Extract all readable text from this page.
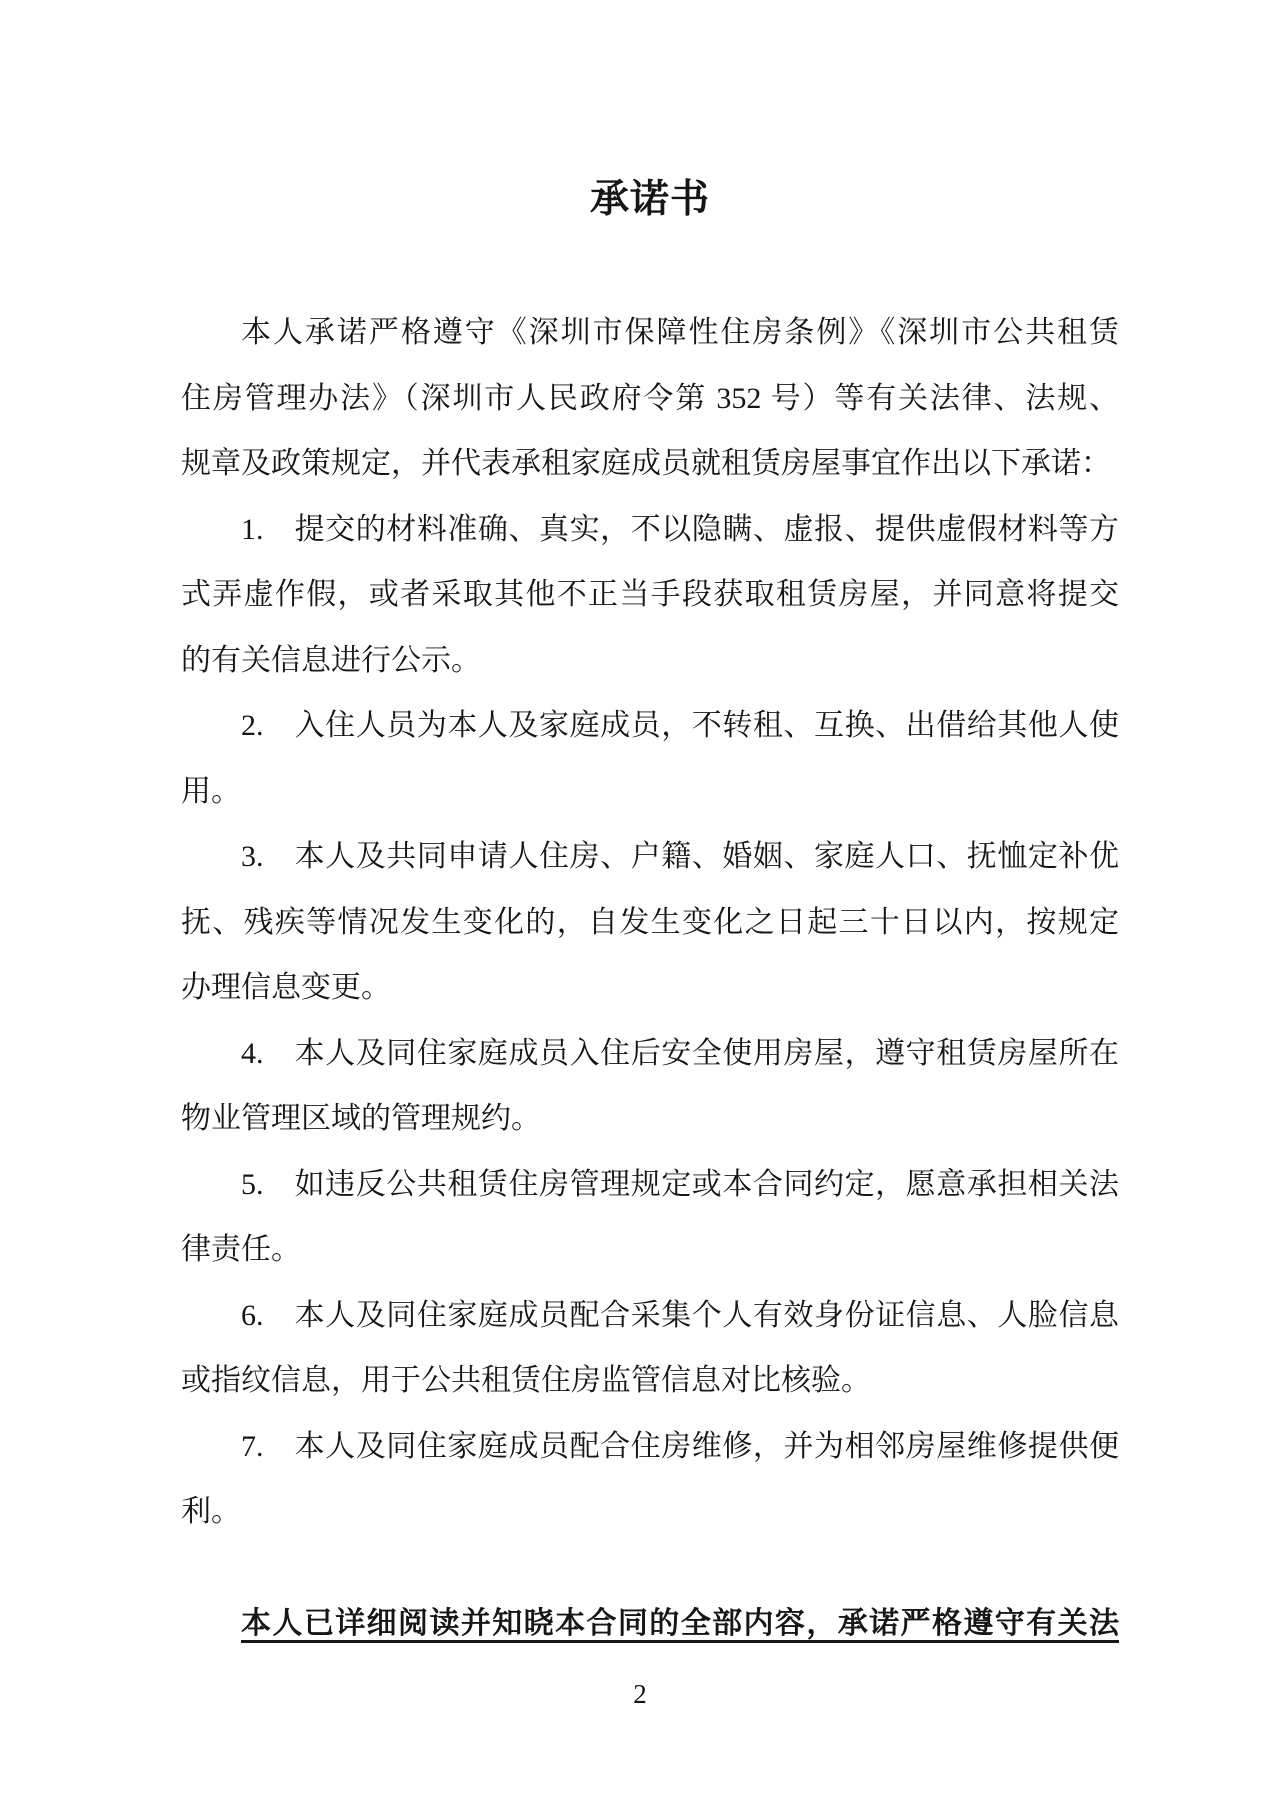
承诺书
本人承诺严格遵守《深圳市保障性住房条例》《深圳市公共租赁
住房管理办法》（深圳市人民政府令第 352 号）等有关法律、法规、
规章及政策规定，并代表承租家庭成员就租赁房屋事宜作出以下承诺：
1.　提交的材料准确、真实，不以隐瞒、虚报、提供虚假材料等方
式弄虚作假，或者采取其他不正当手段获取租赁房屋，并同意将提交
的有关信息进行公示。
2.　入住人员为本人及家庭成员，不转租、互换、出借给其他人使
用。
3.　本人及共同申请人住房、户籍、婚姻、家庭人口、抚恤定补优
抚、残疾等情况发生变化的，自发生变化之日起三十日以内，按规定
办理信息变更。
4.　本人及同住家庭成员入住后安全使用房屋，遵守租赁房屋所在
物业管理区域的管理规约。
5.　如违反公共租赁住房管理规定或本合同约定，愿意承担相关法
律责任。
6.　本人及同住家庭成员配合采集个人有效身份证信息、人脸信息
或指纹信息，用于公共租赁住房监管信息对比核验。
7.　本人及同住家庭成员配合住房维修，并为相邻房屋维修提供便
利。
本人已详细阅读并知晓本合同的全部内容，承诺严格遵守有关法
2
